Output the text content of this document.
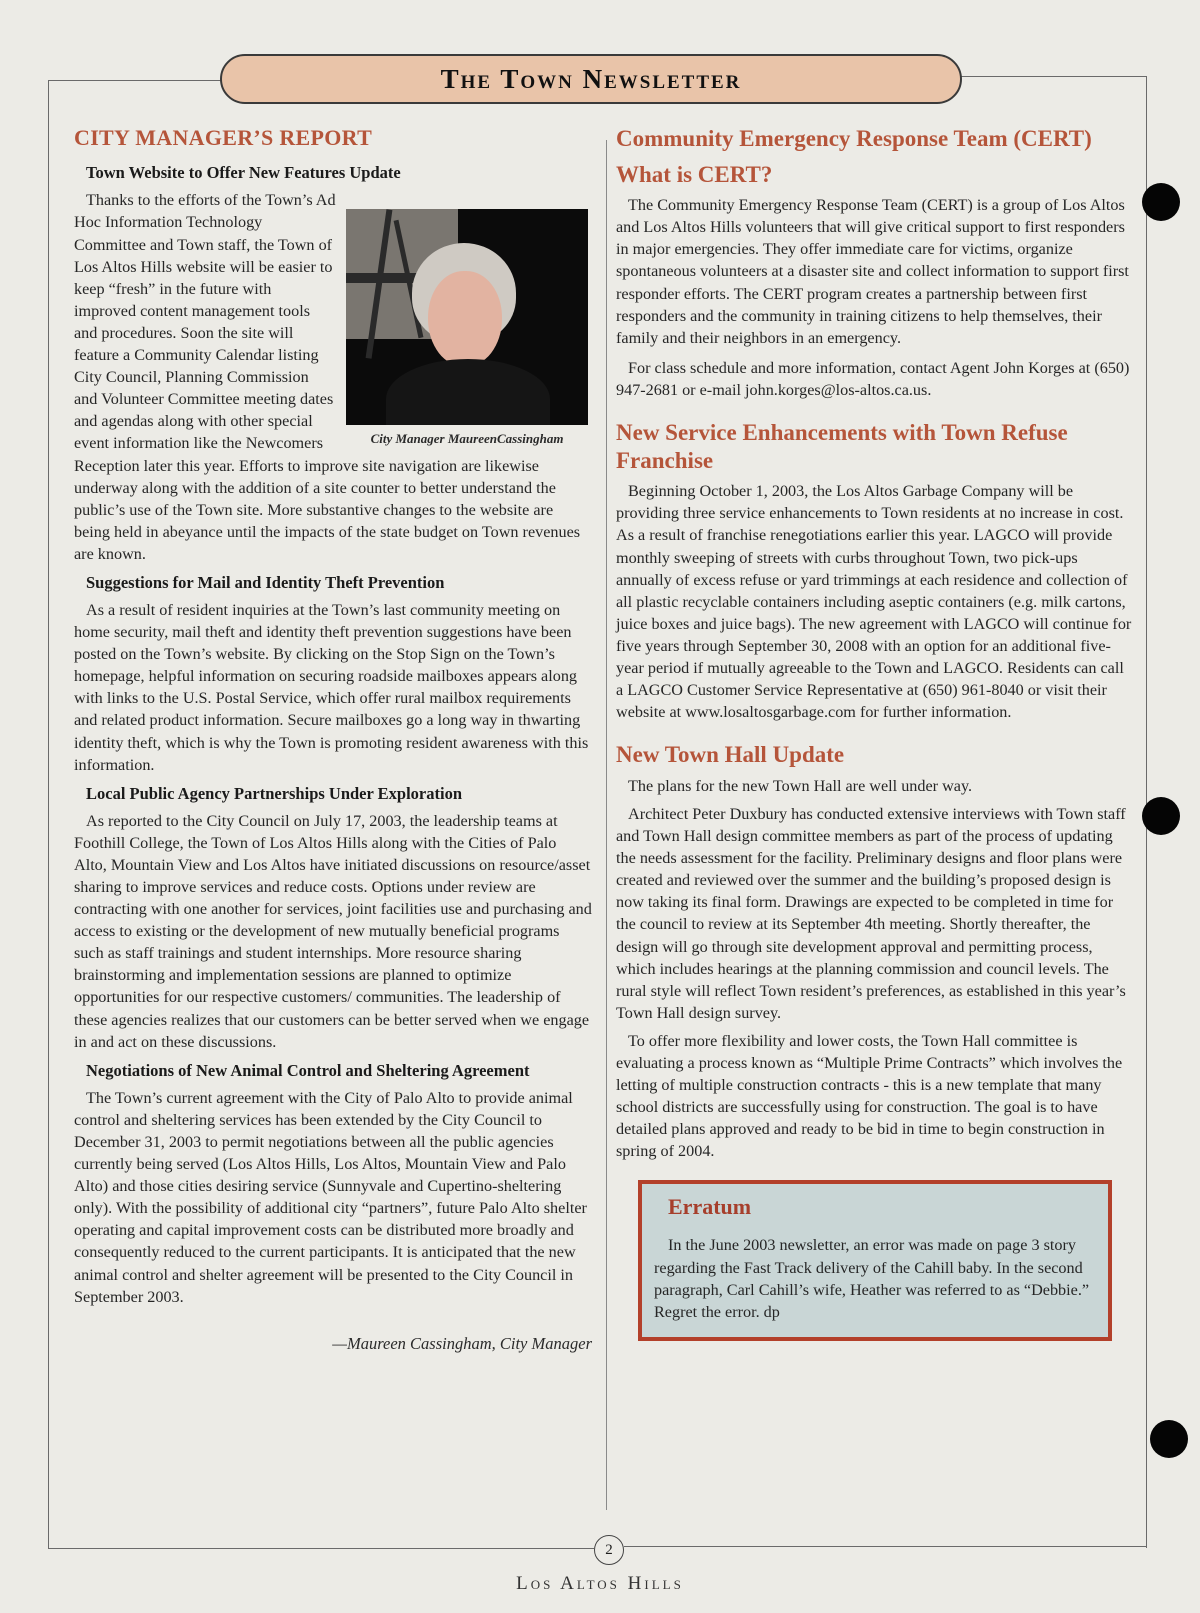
The Town Newsletter
CITY MANAGER’S REPORT
Town Website to Offer New Features Update
City Manager MaureenCassingham

Thanks to the efforts of the Town’s Ad Hoc Information Technology Committee and Town staff, the Town of Los Altos Hills website will be easier to keep “fresh” in the future with improved content management tools and procedures. Soon the site will feature a Community Calendar listing City Council, Planning Commission and Volunteer Committee meeting dates and agendas along with other special event information like the Newcomers Reception later this year. Efforts to improve site navigation are likewise underway along with the addition of a site counter to better understand the public’s use of the Town site. More substantive changes to the website are being held in abeyance until the impacts of the state budget on Town revenues are known.

Suggestions for Mail and Identity Theft Prevention

As a result of resident inquiries at the Town’s last community meeting on home security, mail theft and identity theft prevention suggestions have been posted on the Town’s website. By clicking on the Stop Sign on the Town’s homepage, helpful information on securing roadside mailboxes appears along with links to the U.S. Postal Service, which offer rural mailbox requirements and related product information. Secure mailboxes go a long way in thwarting identity theft, which is why the Town is promoting resident awareness with this information.

Local Public Agency Partnerships Under Exploration

As reported to the City Council on July 17, 2003, the leadership teams at Foothill College, the Town of Los Altos Hills along with the Cities of Palo Alto, Mountain View and Los Altos have initiated discussions on resource/asset sharing to improve services and reduce costs. Options under review are contracting with one another for services, joint facilities use and purchasing and access to existing or the development of new mutually beneficial programs such as staff trainings and student internships. More resource sharing brainstorming and implementation sessions are planned to optimize opportunities for our respective customers/ communities. The leadership of these agencies realizes that our customers can be better served when we engage in and act on these discussions.

Negotiations of New Animal Control and Sheltering Agreement

The Town’s current agreement with the City of Palo Alto to provide animal control and sheltering services has been extended by the City Council to December 31, 2003 to permit negotiations between all the public agencies currently being served (Los Altos Hills, Los Altos, Mountain View and Palo Alto) and those cities desiring service (Sunnyvale and Cupertino-sheltering only). With the possibility of additional city “partners”, future Palo Alto shelter operating and capital improvement costs can be distributed more broadly and consequently reduced to the current participants. It is anticipated that the new animal control and shelter agreement will be presented to the City Council in September 2003.

—Maureen Cassingham, City Manager
Community Emergency Response Team (CERT)
What is CERT?

The Community Emergency Response Team (CERT) is a group of Los Altos and Los Altos Hills volunteers that will give critical support to first responders in major emergencies. They offer immediate care for victims, organize spontaneous volunteers at a disaster site and collect information to support first responder efforts. The CERT program creates a partnership between first responders and the community in training citizens to help themselves, their family and their neighbors in an emergency.

For class schedule and more information, contact Agent John Korges at (650) 947-2681 or e-mail john.korges@los-altos.ca.us.

New Service Enhancements with Town Refuse Franchise

Beginning October 1, 2003, the Los Altos Garbage Company will be providing three service enhancements to Town residents at no increase in cost. As a result of franchise renegotiations earlier this year. LAGCO will provide monthly sweeping of streets with curbs throughout Town, two pick-ups annually of excess refuse or yard trimmings at each residence and collection of all plastic recyclable containers including aseptic containers (e.g. milk cartons, juice boxes and juice bags). The new agreement with LAGCO will continue for five years through September 30, 2008 with an option for an additional five-year period if mutually agreeable to the Town and LAGCO. Residents can call a LAGCO Customer Service Representative at (650) 961-8040 or visit their website at www.losaltosgarbage.com for further information.

New Town Hall Update

The plans for the new Town Hall are well under way.

Architect Peter Duxbury has conducted extensive interviews with Town staff and Town Hall design committee members as part of the process of updating the needs assessment for the facility. Preliminary designs and floor plans were created and reviewed over the summer and the building’s proposed design is now taking its final form. Drawings are expected to be completed in time for the council to review at its September 4th meeting. Shortly thereafter, the design will go through site development approval and permitting process, which includes hearings at the planning commission and council levels. The rural style will reflect Town resident’s preferences, as established in this year’s Town Hall design survey.

To offer more flexibility and lower costs, the Town Hall committee is evaluating a process known as “Multiple Prime Contracts” which involves the letting of multiple construction contracts - this is a new template that many school districts are successfully using for construction. The goal is to have detailed plans approved and ready to be bid in time to begin construction in spring of 2004.

Erratum

In the June 2003 newsletter, an error was made on page 3 story regarding the Fast Track delivery of the Cahill baby. In the second paragraph, Carl Cahill’s wife, Heather was referred to as “Debbie.” Regret the error. dp

2
Los Altos Hills
